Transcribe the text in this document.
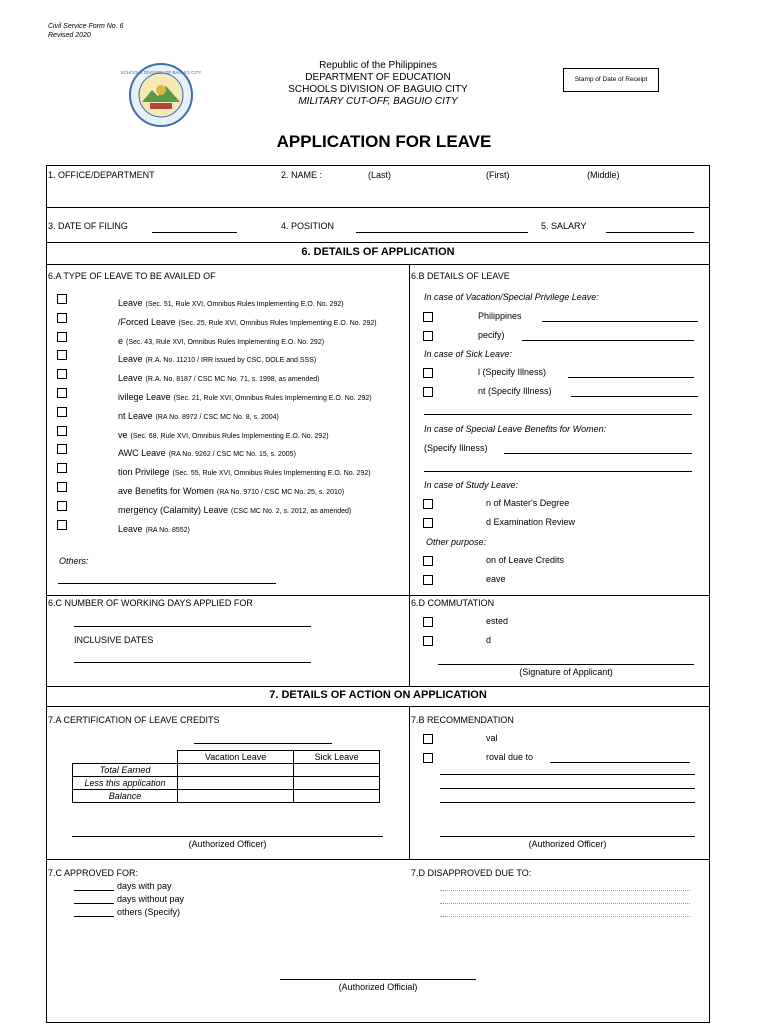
Civil Service Form No. 6
Revised 2020
SCHOOLS DIVISION OF BAGUIO CITY
Republic of the Philippines
DEPARTMENT OF EDUCATION
SCHOOLS DIVISION OF BAGUIO CITY
MILITARY CUT-OFF, BAGUIO CITY
Stamp of Date of Receipt
APPLICATION FOR LEAVE
1. OFFICE/DEPARTMENT	2. NAME :	(Last)	(First)	(Middle)
3. DATE OF FILING	4. POSITION	5. SALARY
6. DETAILS OF APPLICATION
6.A TYPE OF LEAVE TO BE AVAILED OF
Leave (Sec. 51, Rule XVI, Omnibus Rules Implementing E.O. No. 292)
/Forced Leave (Sec. 25, Rule XVI, Omnibus Rules Implementing E.O. No. 292)
e (Sec. 43, Rule XVI, Omnibus Rules Implementing E.O. No. 292)
Leave (R.A. No. 11210 / IRR issued by CSC, DOLE and SSS)
Leave (R.A. No. 8187 / CSC MC No. 71, s. 1998, as amended)
ivilege Leave (Sec. 21, Rule XVI, Omnibus Rules Implementing E.O. No. 292)
nt Leave (RA No. 8972 / CSC MC No. 8, s. 2004)
ve (Sec. 68, Rule XVI, Omnibus Rules Implementing E.O. No. 292)
AWC Leave (RA No. 9262 / CSC MC No. 15, s. 2005)
tion Privilege (Sec. 55, Rule XVI, Omnibus Rules Implementing E.O. No. 292)
ave Benefits for Women (RA No. 9710 / CSC MC No. 25, s. 2010)
mergency (Calamity) Leave (CSC MC No. 2, s. 2012, as amended)
Leave (RA No. 8552)
Others:
6.B DETAILS OF LEAVE
In case of Vacation/Special Privilege Leave:
Philippines
pecify)
In case of Sick Leave:
l (Specify Illness)
nt (Specify Illness)
In case of Special Leave Benefits for Women:
(Specify Illness)
In case of Study Leave:
n of Master's Degree
d Examination Review
Other purpose:
on of Leave Credits
eave
6.C NUMBER OF WORKING DAYS APPLIED FOR
INCLUSIVE DATES
6.D COMMUTATION
ested
d
(Signature of Applicant)
7. DETAILS OF ACTION ON APPLICATION
7.A CERTIFICATION OF LEAVE CREDITS
	Vacation Leave	Sick Leave
Total Earned		
Less this application		
Balance		
(Authorized Officer)
7.B RECOMMENDATION
val
roval due to
(Authorized Officer)
7.C APPROVED FOR:
days with pay
days without pay
others (Specify)
7.D DISAPPROVED DUE TO:
(Authorized Official)
